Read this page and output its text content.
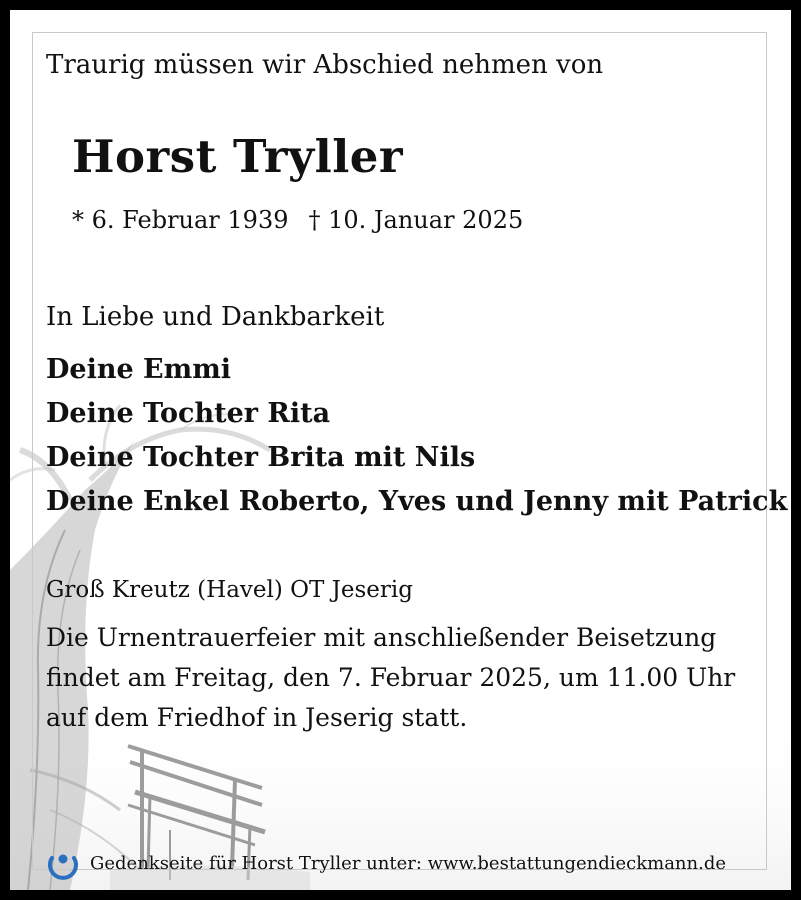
Traurig müssen wir Abschied nehmen von
Horst Tryller
* 6. Februar 1939 † 10. Januar 2025
In Liebe und Dankbarkeit
Deine Emmi
Deine Tochter Rita
Deine Tochter Brita mit Nils
Deine Enkel Roberto, Yves und Jenny mit Patrick
Groß Kreutz (Havel) OT Jeserig
Die Urnentrauerfeier mit anschließender Beisetzung
findet am Freitag, den 7. Februar 2025, um 11.00 Uhr
auf dem Friedhof in Jeserig statt.
Gedenkseite für Horst Tryller unter: www.bestattungendieckmann.de
